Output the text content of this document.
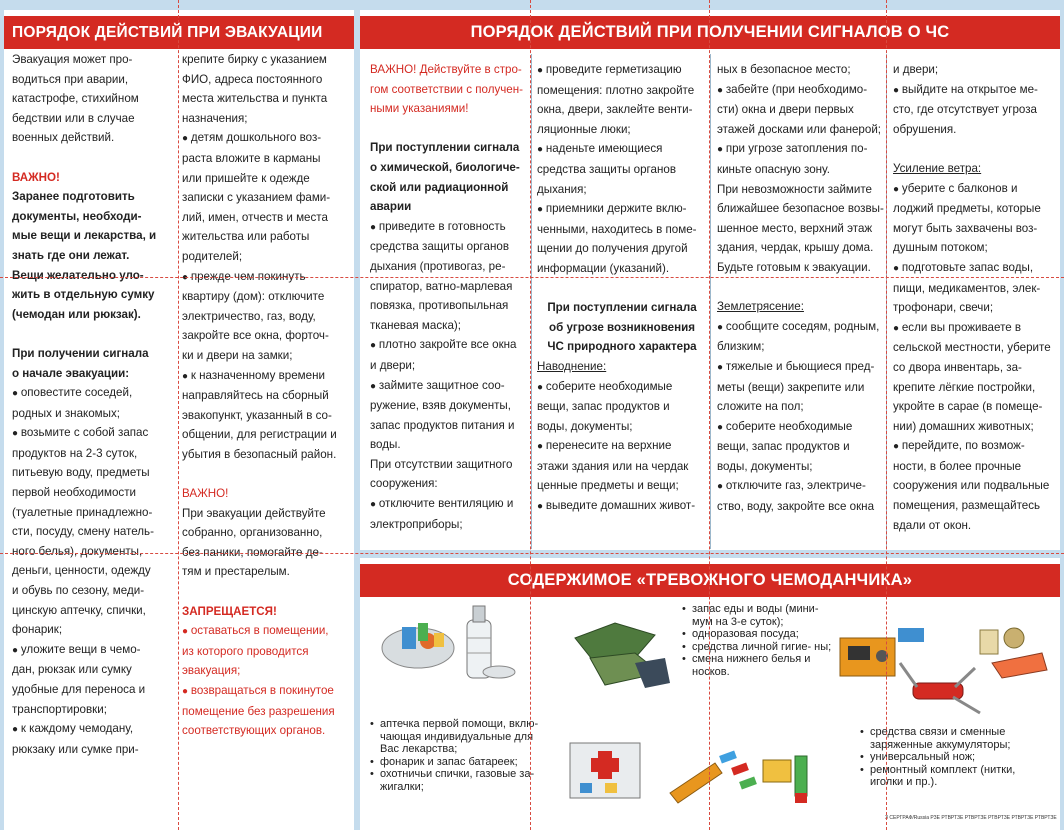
ПОРЯДОК ДЕЙСТВИЙ ПРИ ЭВАКУАЦИИ

Эвакуация может про-

водиться при аварии,

катастрофе, стихийном

бедствии или в случае

военных действий.

ВАЖНО!

Заранее подготовить

документы, необходи-

мые вещи и лекарства, и

знать где они лежат.

Вещи желательно уло-

жить в отдельную сумку

(чемодан или рюкзак).

При получении сигнала

о начале эвакуации:

● оповестите соседей,

родных и знакомых;

● возьмите с собой запас

продуктов на 2-3 суток,

питьевую воду, предметы

первой необходимости

(туалетные принадлежно-

сти, посуду, смену натель-

ного белья), документы,

деньги, ценности, одежду

и обувь по сезону, меди-

цинскую аптечку, спички,

фонарик;

● уложите вещи в чемо-

дан, рюкзак или сумку

удобные для переноса и

транспортировки;

● к каждому чемодану,

рюкзаку или сумке при-

крепите бирку с указанием

ФИО, адреса постоянного

места жительства и пункта

назначения;

● детям дошкольного воз-

раста вложите в карманы

или пришейте к одежде

записки с указанием фами-

лий, имен, отчеств и места

жительства или работы

родителей;

● прежде чем покинуть

квартиру (дом): отключите

электричество, газ, воду,

закройте все окна, форточ-

ки и двери на замки;

● к назначенному времени

направляйтесь на сборный

эвакопункт, указанный в со-

общении, для регистрации и

убытия в безопасный район.

ВАЖНО!

При эвакуации действуйте

собранно, организованно,

без паники, помогайте де-

тям и престарелым.

ЗАПРЕЩАЕТСЯ!

● оставаться в помещении,

из которого проводится

эвакуация;

● возвращаться в покинутое

помещение без разрешения

соответствующих органов.

ПОРЯДОК ДЕЙСТВИЙ ПРИ ПОЛУЧЕНИИ СИГНАЛОВ О ЧС

ВАЖНО! Действуйте в стро-

гом соответствии с получен-

ными указаниями!

При поступлении сигнала

о химической, биологиче-

ской или радиационной

аварии

● приведите в готовность

средства защиты органов

дыхания (противогаз, ре-

спиратор, ватно-марлевая

повязка, противопыльная

тканевая маска);

● плотно закройте все окна

и двери;

● займите защитное соо-

ружение, взяв документы,

запас продуктов питания и

воды.

При отсутствии защитного

сооружения:

● отключите вентиляцию и

электроприборы;

● проведите герметизацию

помещения: плотно закройте

окна, двери, заклейте венти-

ляционные люки;

● наденьте имеющиеся

средства защиты органов

дыхания;

● приемники держите вклю-

ченными, находитесь в поме-

щении до получения другой

информации (указаний).

При поступлении сигнала

об угрозе возникновения

ЧС природного характера

Наводнение:

● соберите необходимые

вещи, запас продуктов и

воды, документы;

● перенесите на верхние

этажи здания или на чердак

ценные предметы и вещи;

● выведите домашних живот-

ных в безопасное место;

● забейте (при необходимо-

сти) окна и двери первых

этажей досками или фанерой;

● при угрозе затопления по-

киньте опасную зону.

При невозможности займите

ближайшее безопасное возвы-

шенное место, верхний этаж

здания, чердак, крышу дома.

Будьте готовым к эвакуации.

Землетрясение:

● сообщите соседям, родным,

близким;

● тяжелые и бьющиеся пред-

меты (вещи) закрепите или

сложите на пол;

● соберите необходимые

вещи, запас продуктов и

воды, документы;

● отключите газ, электриче-

ство, воду, закройте все окна

и двери;

● выйдите на открытое ме-

сто, где отсутствует угроза

обрушения.

Усиление ветра:

● уберите с балконов и

лоджий предметы, которые

могут быть захвачены воз-

душным потоком;

● подготовьте запас воды,

пищи, медикаментов, элек-

трофонари, свечи;

● если вы проживаете в

сельской местности, уберите

со двора инвентарь, за-

крепите лёгкие постройки,

укройте в сарае (в помеще-

нии) домашних животных;

● перейдите, по возмож-

ности, в более прочные

сооружения или подвальные

помещения, размещайтесь

вдали от окон.

СОДЕРЖИМОЕ «ТРЕВОЖНОГО ЧЕМОДАНЧИКА»
• запас еды и воды (мини- мум на 3-е суток);
• одноразовая посуда;
• средства личной гигие- ны;
• смена нижнего белья и носков.
• аптечка первой помощи, вклю- чающая индивидуальные для Вас лекарства;
• фонарик и запас батареек;
• охотничьи спички, газовые за- жигалки;
• средства связи и сменные заряженные аккумуляторы;
• универсальный нож;
• ремонтный комплект (нитки, иголки и пр.).
З СЕРГРАФ/Russia РЗЕ РТВРТЗЕ РТВРТЗЕ РТВРТЗЕ РТВРТЗЕ РТВРТЗЕ
